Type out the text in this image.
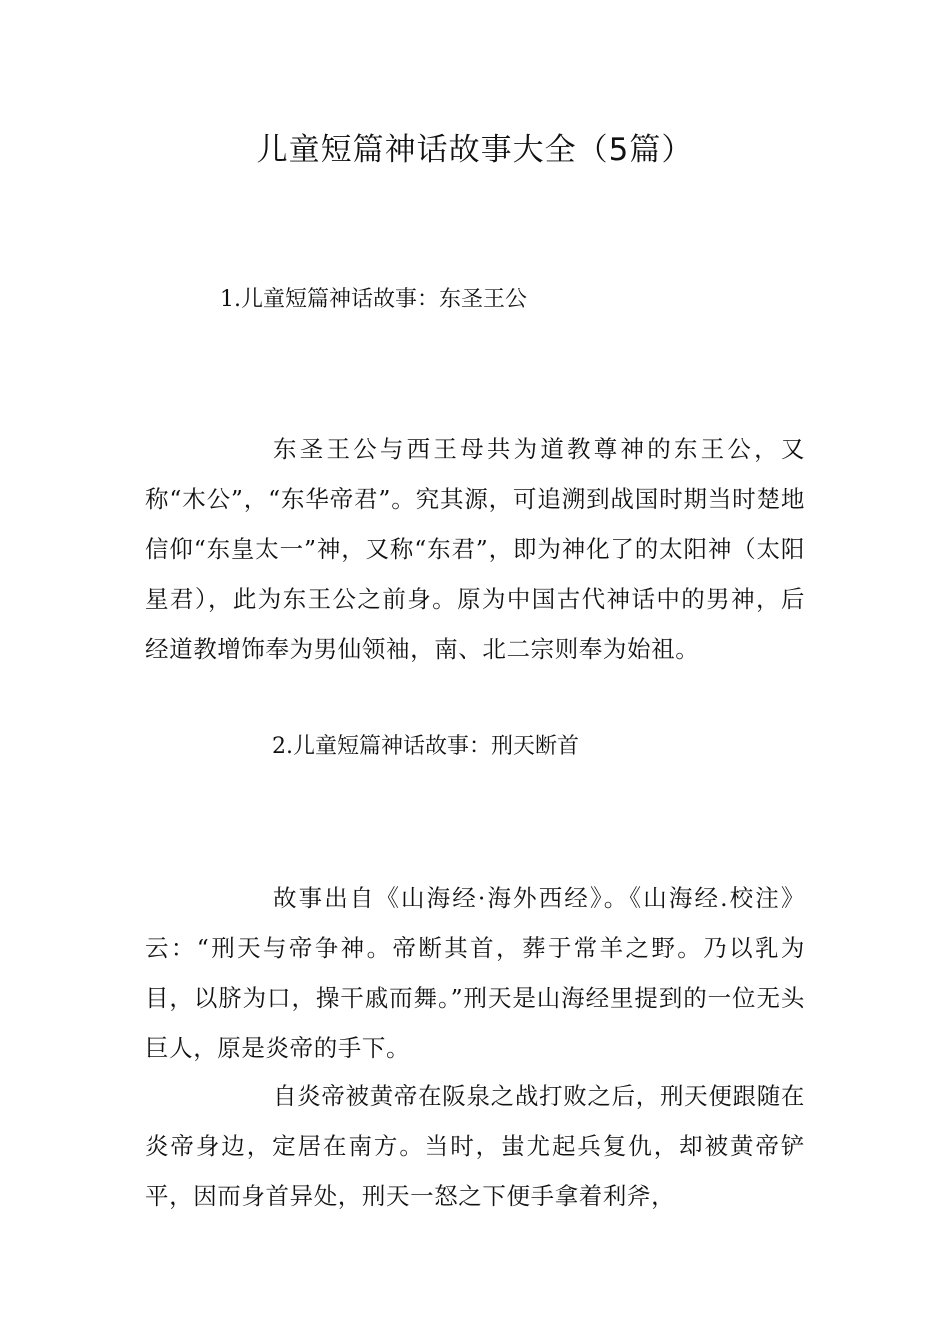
儿童短篇神话故事大全（5篇）
1.儿童短篇神话故事：东圣王公

东圣王公与西王母共为道教尊神的东王公，又称“木公”，“东华帝君”。究其源，可追溯到战国时期当时楚地信仰“东皇太一”神，又称“东君”，即为神化了的太阳神（太阳星君），此为东王公之前身。原为中国古代神话中的男神，后经道教增饰奉为男仙领袖，南、北二宗则奉为始祖。

2.儿童短篇神话故事：刑天断首

故事出自《山海经·海外西经》。《山海经.校注》云：“刑天与帝争神。帝断其首，葬于常羊之野。乃以乳为目，以脐为口，操干戚而舞。”刑天是山海经里提到的一位无头巨人，原是炎帝的手下。

自炎帝被黄帝在阪泉之战打败之后，刑天便跟随在炎帝身边，定居在南方。当时，蚩尤起兵复仇，却被黄帝铲平，因而身首异处，刑天一怒之下便手拿着利斧，
